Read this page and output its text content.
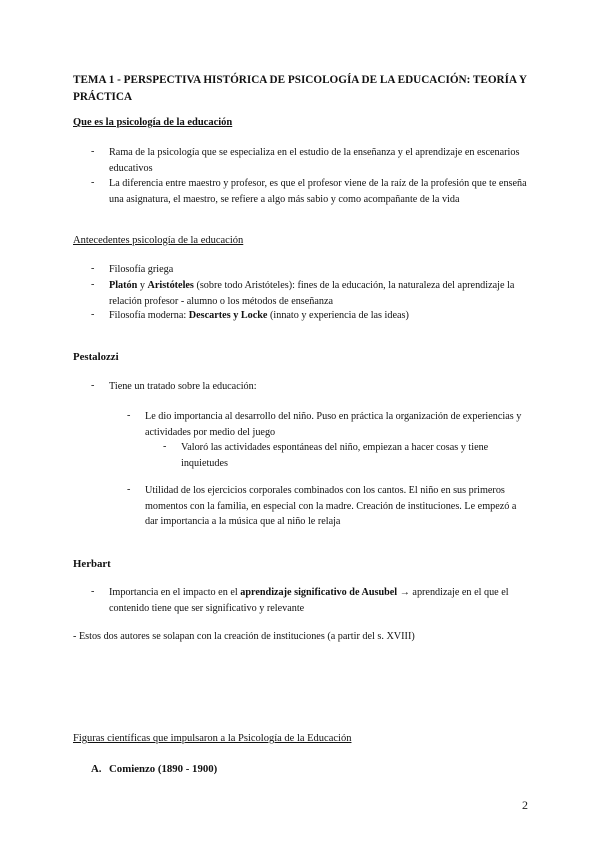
TEMA 1 - PERSPECTIVA HISTÓRICA DE PSICOLOGÍA DE LA EDUCACIÓN: TEORÍA Y PRÁCTICA
Que es la psicología de la educación
- Rama de la psicología que se especializa en el estudio de la enseñanza y el aprendizaje en escenarios educativos
- La diferencia entre maestro y profesor, es que el profesor viene de la raíz de la profesión que te enseña una asignatura, el maestro, se refiere a algo más sabio y como acompañante de la vida
Antecedentes psicología de la educación
- Filosofía griega
- Platón y Aristóteles (sobre todo Aristóteles): fines de la educación, la naturaleza del aprendizaje la relación profesor - alumno o los métodos de enseñanza
- Filosofía moderna: Descartes y Locke (innato y experiencia de las ideas)
Pestalozzi
- Tiene un tratado sobre la educación:
- Le dio importancia al desarrollo del niño. Puso en práctica la organización de experiencias y actividades por medio del juego
- Valoró las actividades espontáneas del niño, empiezan a hacer cosas y tiene inquietudes
- Utilidad de los ejercicios corporales combinados con los cantos. El niño en sus primeros momentos con la familia, en especial con la madre. Creación de instituciones. Le empezó a dar importancia a la música que al niño le relaja
Herbart
- Importancia en el impacto en el aprendizaje significativo de Ausubel → aprendizaje en el que el contenido tiene que ser significativo y relevante
- Estos dos autores se solapan con la creación de instituciones (a partir del s. XVIII)
Figuras científicas que impulsaron a la Psicología de la Educación
A. Comienzo (1890 - 1900)
2
